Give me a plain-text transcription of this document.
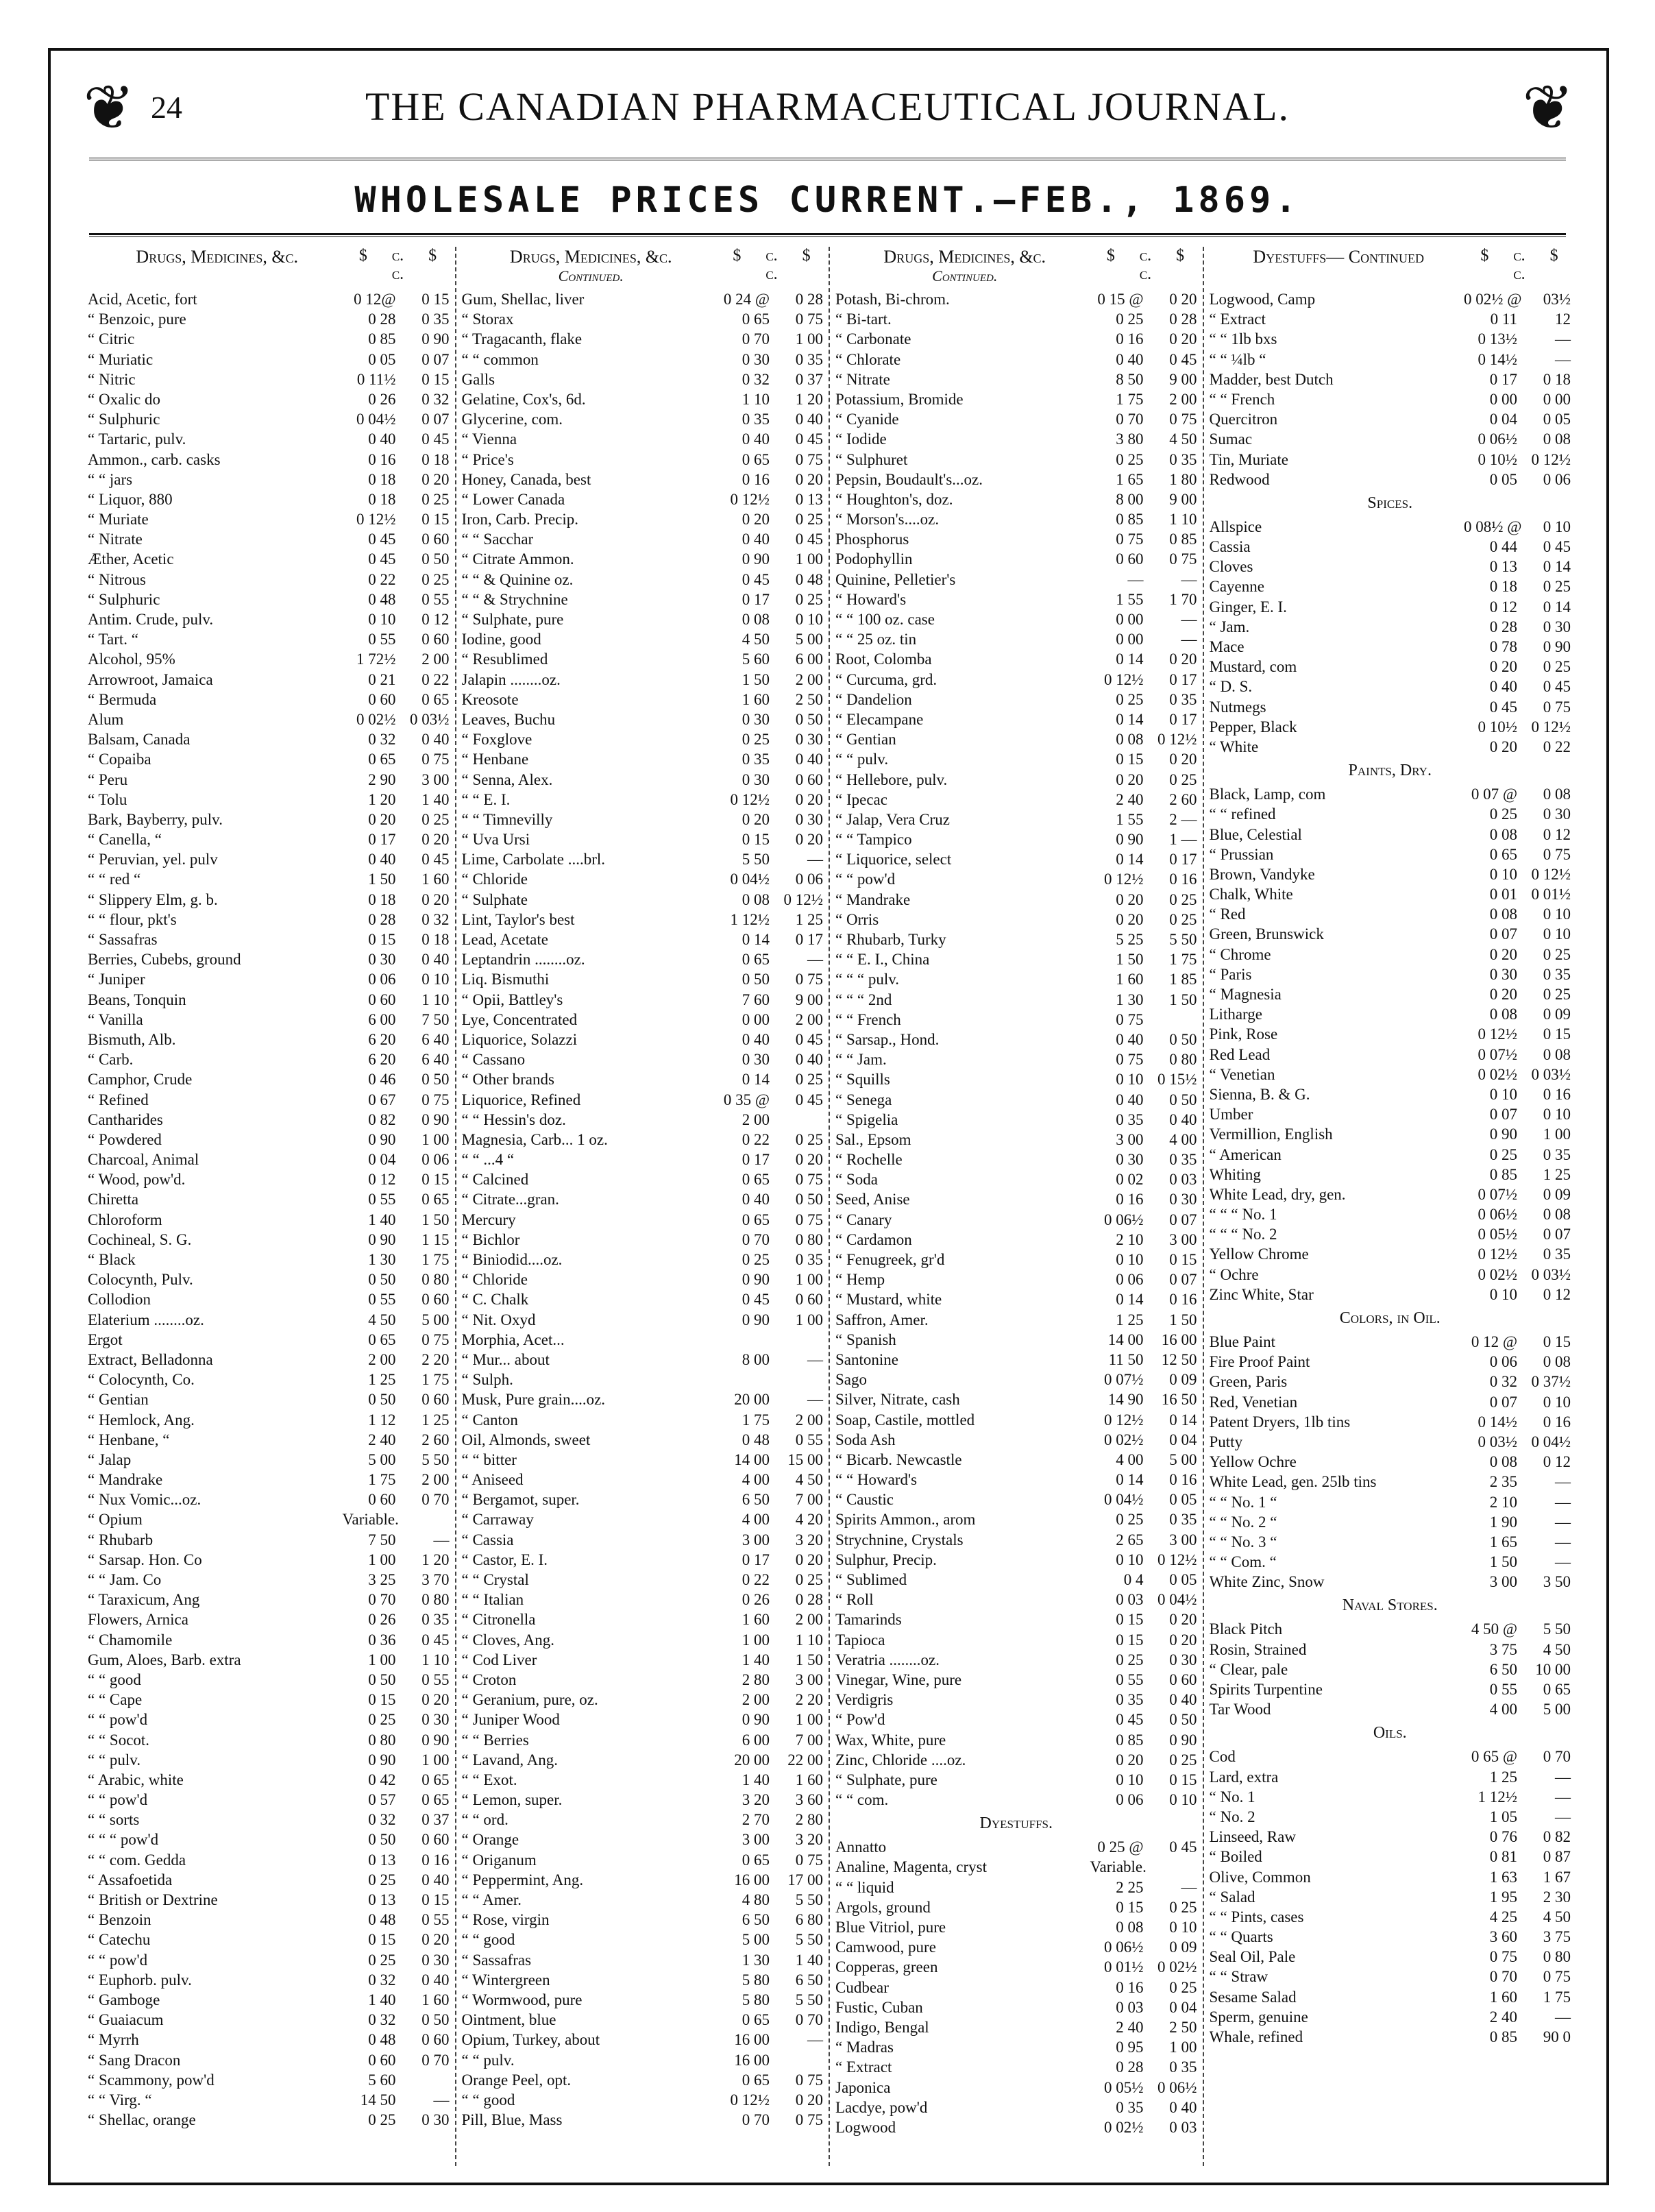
❦	❦
24	THE CANADIAN PHARMACEUTICAL JOURNAL.
WHOLESALE PRICES CURRENT.–FEB., 1869.
$ c. $ c.
Drugs, Medicines, &c.
Acid, Acetic, fort	0 12@	0 15
“ Benzoic, pure	0 28	0 35
“ Citric	0 85	0 90
“ Muriatic	0 05	0 07
“ Nitric	0 11½	0 15
“ Oxalic do	0 26	0 32
“ Sulphuric	0 04½	0 07
“ Tartaric, pulv.	0 40	0 45
Ammon., carb. casks	0 16	0 18
“ “ jars	0 18	0 20
“ Liquor, 880	0 18	0 25
“ Muriate	0 12½	0 15
“ Nitrate	0 45	0 60
Æther, Acetic	0 45	0 50
“ Nitrous	0 22	0 25
“ Sulphuric	0 48	0 55
Antim. Crude, pulv.	0 10	0 12
“ Tart. “	0 55	0 60
Alcohol, 95%	1 72½	2 00
Arrowroot, Jamaica	0 21	0 22
“ Bermuda	0 60	0 65
Alum	0 02½ 0 03½
Balsam, Canada	0 32	0 40
“ Copaiba	0 65	0 75
“ Peru	2 90	3 00
“ Tolu	1 20	1 40
Bark, Bayberry, pulv.	0 20	0 25
“ Canella, “	0 17	0 20
“ Peruvian, yel. pulv	0 40	0 45
“ “ red “	1 50	1 60
“ Slippery Elm, g. b.	0 18	0 20
“ “ flour, pkt's	0 28	0 32
“ Sassafras	0 15	0 18
Berries, Cubebs, ground	0 30	0 40
“ Juniper	0 06	0 10
Beans, Tonquin	0 60	1 10
“ Vanilla	6 00	7 50
Bismuth, Alb.	6 20	6 40
“ Carb.	6 20	6 40
Camphor, Crude	0 46	0 50
“ Refined	0 67	0 75
Cantharides	0 82	0 90
“ Powdered	0 90	1 00
Charcoal, Animal	0 04	0 06
“ Wood, pow'd.	0 12	0 15
Chiretta	0 55	0 65
Chloroform	1 40	1 50
Cochineal, S. G.	0 90	1 15
“ Black	1 30	1 75
Colocynth, Pulv.	0 50	0 80
Collodion	0 55	0 60
Elaterium ........oz.	4 50	5 00
Ergot	0 65	0 75
Extract, Belladonna	2 00	2 20
“ Colocynth, Co.	1 25	1 75
“ Gentian	0 50	0 60
“ Hemlock, Ang.	1 12	1 25
“ Henbane, “	2 40	2 60
“ Jalap	5 00	5 50
“ Mandrake	1 75	2 00
“ Nux Vomic...oz.	0 60	0 70
“ Opium	Variable.
“ Rhubarb	7 50	—
“ Sarsap. Hon. Co	1 00	1 20
“ “ Jam. Co	3 25	3 70
“ Taraxicum, Ang	0 70	0 80
Flowers, Arnica	0 26	0 35
“ Chamomile	0 36	0 45
Gum, Aloes, Barb. extra	1 00	1 10
“ “ good	0 50	0 55
“ “ Cape	0 15	0 20
“ “ pow'd	0 25	0 30
“ “ Socot.	0 80	0 90
“ “ pulv.	0 90	1 00
“ Arabic, white	0 42	0 65
“ “ pow'd	0 57	0 65
“ “ sorts	0 32	0 37
“ “ “ pow'd	0 50	0 60
“ “ com. Gedda	0 13	0 16
“ Assafoetida	0 25	0 40
“ British or Dextrine	0 13	0 15
“ Benzoin	0 48	0 55
“ Catechu	0 15	0 20
“ “ pow'd	0 25	0 30
“ Euphorb. pulv.	0 32	0 40
“ Gamboge	1 40	1 60
“ Guaiacum	0 32	0 50
“ Myrrh	0 48	0 60
“ Sang Dracon	0 60	0 70
“ Scammony, pow'd	5 60
“ “ Virg. “	14 50	—
“ Shellac, orange	0 25	0 30
$ c. $ c.
Drugs, Medicines, &c.
Continued.
Gum, Shellac, liver	0 24 @	0 28
“ Storax	0 65	0 75
“ Tragacanth, flake	0 70	1 00
“ “ common	0 30	0 35
Galls	0 32	0 37
Gelatine, Cox's, 6d.	1 10	1 20
Glycerine, com.	0 35	0 40
“ Vienna	0 40	0 45
“ Price's	0 65	0 75
Honey, Canada, best	0 16	0 20
“ Lower Canada	0 12½	0 13
Iron, Carb. Precip.	0 20	0 25
“ “ Sacchar	0 40	0 45
“ Citrate Ammon.	0 90	1 00
“ “ & Quinine oz.	0 45	0 48
“ “ & Strychnine	0 17	0 25
“ Sulphate, pure	0 08	0 10
Iodine, good	4 50	5 00
“ Resublimed	5 60	6 00
Jalapin ........oz.	1 50	2 00
Kreosote	1 60	2 50
Leaves, Buchu	0 30	0 50
“ Foxglove	0 25	0 30
“ Henbane	0 35	0 40
“ Senna, Alex.	0 30	0 60
“ “ E. I.	0 12½	0 20
“ “ Timnevilly	0 20	0 30
“ Uva Ursi	0 15	0 20
Lime, Carbolate ....brl.	5 50	—
“ Chloride	0 04½	0 06
“ Sulphate	0 08 0 12½
Lint, Taylor's best	1 12½	1 25
Lead, Acetate	0 14	0 17
Leptandrin ........oz.	0 65	—
Liq. Bismuthi	0 50	0 75
“ Opii, Battley's	7 60	9 00
Lye, Concentrated	0 00	2 00
Liquorice, Solazzi	0 40	0 45
“ Cassano	0 30	0 40
“ Other brands	0 14	0 25
Liquorice, Refined	0 35 @	0 45
“ “ Hessin's doz.	2 00
Magnesia, Carb... 1 oz.	0 22	0 25
“ “ ...4 “	0 17	0 20
“ Calcined	0 65	0 75
“ Citrate...gran.	0 40	0 50
Mercury	0 65	0 75
“ Bichlor	0 70	0 80
“ Biniodid....oz.	0 25	0 35
“ Chloride	0 90	1 00
“ C. Chalk	0 45	0 60
“ Nit. Oxyd	0 90	1 00
Morphia, Acet...
“ Mur... about	8 00	—
“ Sulph.
Musk, Pure grain....oz.	20 00	—
“ Canton	1 75	2 00
Oil, Almonds, sweet	0 48	0 55
“ “ bitter	14 00	15 00
“ Aniseed	4 00	4 50
“ Bergamot, super.	6 50	7 00
“ Carraway	4 00	4 20
“ Cassia	3 00	3 20
“ Castor, E. I.	0 17	0 20
“ “ Crystal	0 22	0 25
“ “ Italian	0 26	0 28
“ Citronella	1 60	2 00
“ Cloves, Ang.	1 00	1 10
“ Cod Liver	1 40	1 50
“ Croton	2 80	3 00
“ Geranium, pure, oz.	2 00	2 20
“ Juniper Wood	0 90	1 00
“ “ Berries	6 00	7 00
“ Lavand, Ang.	20 00	22 00
“ “ Exot.	1 40	1 60
“ Lemon, super.	3 20	3 60
“ “ ord.	2 70	2 80
“ Orange	3 00	3 20
“ Origanum	0 65	0 75
“ Peppermint, Ang.	16 00	17 00
“ “ Amer.	4 80	5 50
“ Rose, virgin	6 50	6 80
“ “ good	5 00	5 50
“ Sassafras	1 30	1 40
“ Wintergreen	5 80	6 50
“ Wormwood, pure	5 80	5 50
Ointment, blue	0 65	0 70
Opium, Turkey, about	16 00	—
“ “ pulv.	16 00
Orange Peel, opt.	0 65	0 75
“ “ good	0 12½	0 20
Pill, Blue, Mass	0 70	0 75
$ c. $ c.
Drugs, Medicines, &c.
Continued.
Potash, Bi-chrom.	0 15 @	0 20
“ Bi-tart.	0 25	0 28
“ Carbonate	0 16	0 20
“ Chlorate	0 40	0 45
“ Nitrate	8 50	9 00
Potassium, Bromide	1 75	2 00
“ Cyanide	0 70	0 75
“ Iodide	3 80	4 50
“ Sulphuret	0 25	0 35
Pepsin, Boudault's...oz.	1 65	1 80
“ Houghton's, doz.	8 00	9 00
“ Morson's....oz.	0 85	1 10
Phosphorus	0 75	0 85
Podophyllin	0 60	0 75
Quinine, Pelletier's	—	—
“ Howard's	1 55	1 70
“ “ 100 oz. case	0 00	—
“ “ 25 oz. tin	0 00	—
Root, Colomba	0 14	0 20
“ Curcuma, grd.	0 12½	0 17
“ Dandelion	0 25	0 35
“ Elecampane	0 14	0 17
“ Gentian	0 08 0 12½
“ “ pulv.	0 15	0 20
“ Hellebore, pulv.	0 20	0 25
“ Ipecac	2 40	2 60
“ Jalap, Vera Cruz	1 55	2 —
“ “ Tampico	0 90	1 —
“ Liquorice, select	0 14	0 17
“ “ pow'd	0 12½	0 16
“ Mandrake	0 20	0 25
“ Orris	0 20	0 25
“ Rhubarb, Turky	5 25	5 50
“ “ E. I., China	1 50	1 75
“ “ “ pulv.	1 60	1 85
“ “ “ 2nd	1 30	1 50
“ “ French	0 75
“ Sarsap., Hond.	0 40	0 50
“ “ Jam.	0 75	0 80
“ Squills	0 10 0 15½
“ Senega	0 40	0 50
“ Spigelia	0 35	0 40
Sal., Epsom	3 00	4 00
“ Rochelle	0 30	0 35
“ Soda	0 02	0 03
Seed, Anise	0 16	0 30
“ Canary	0 06½	0 07
“ Cardamon	2 10	3 00
“ Fenugreek, gr'd	0 10	0 15
“ Hemp	0 06	0 07
“ Mustard, white	0 14	0 16
Saffron, Amer.	1 25	1 50
“ Spanish	14 00	16 00
Santonine	11 50	12 50
Sago	0 07½	0 09
Silver, Nitrate, cash	14 90	16 50
Soap, Castile, mottled	0 12½	0 14
Soda Ash	0 02½	0 04
“ Bicarb. Newcastle	4 00	5 00
“ “ Howard's	0 14	0 16
“ Caustic	0 04½	0 05
Spirits Ammon., arom	0 25	0 35
Strychnine, Crystals	2 65	3 00
Sulphur, Precip.	0 10 0 12½
“ Sublimed	0 4	0 05
“ Roll	0 03 0 04½
Tamarinds	0 15	0 20
Tapioca	0 15	0 20
Veratria ........oz.	0 25	0 30
Vinegar, Wine, pure	0 55	0 60
Verdigris	0 35	0 40
“ Pow'd	0 45	0 50
Wax, White, pure	0 85	0 90
Zinc, Chloride ....oz.	0 20	0 25
“ Sulphate, pure	0 10	0 15
“ “ com.	0 06	0 10
Dyestuffs.
Annatto	0 25 @	0 45
Analine, Magenta, cryst	Variable.
“ “ liquid	2 25	—
Argols, ground	0 15	0 25
Blue Vitriol, pure	0 08	0 10
Camwood, pure	0 06½	0 09
Copperas, green	0 01½ 0 02½
Cudbear	0 16	0 25
Fustic, Cuban	0 03	0 04
Indigo, Bengal	2 40	2 50
“ Madras	0 95	1 00
“ Extract	0 28	0 35
Japonica	0 05½ 0 06½
Lacdye, pow'd	0 35	0 40
Logwood	0 02½	0 03
$ c. $ c.
Dyestuffs— Continued
Logwood, Camp	0 02½ @	03½
“ Extract	0 11	12
“ “ 1lb bxs	0 13½	—
“ “ ¼lb “	0 14½	—
Madder, best Dutch	0 17	0 18
“ “ French	0 00	0 00
Quercitron	0 04	0 05
Sumac	0 06½	0 08
Tin, Muriate	0 10½ 0 12½
Redwood	0 05	0 06
Spices.
Allspice	0 08½ @	0 10
Cassia	0 44	0 45
Cloves	0 13	0 14
Cayenne	0 18	0 25
Ginger, E. I.	0 12	0 14
“ Jam.	0 28	0 30
Mace	0 78	0 90
Mustard, com	0 20	0 25
“ D. S.	0 40	0 45
Nutmegs	0 45	0 75
Pepper, Black	0 10½ 0 12½
“ White	0 20	0 22
Paints, Dry.
Black, Lamp, com	0 07 @	0 08
“ “ refined	0 25	0 30
Blue, Celestial	0 08	0 12
“ Prussian	0 65	0 75
Brown, Vandyke	0 10 0 12½
Chalk, White	0 01 0 01½
“ Red	0 08	0 10
Green, Brunswick	0 07	0 10
“ Chrome	0 20	0 25
“ Paris	0 30	0 35
“ Magnesia	0 20	0 25
Litharge	0 08	0 09
Pink, Rose	0 12½	0 15
Red Lead	0 07½	0 08
“ Venetian	0 02½ 0 03½
Sienna, B. & G.	0 10	0 16
Umber	0 07	0 10
Vermillion, English	0 90	1 00
“ American	0 25	0 35
Whiting	0 85	1 25
White Lead, dry, gen.	0 07½	0 09
“ “ “ No. 1	0 06½	0 08
“ “ “ No. 2	0 05½	0 07
Yellow Chrome	0 12½	0 35
“ Ochre	0 02½ 0 03½
Zinc White, Star	0 10	0 12
Colors, in Oil.
Blue Paint	0 12 @	0 15
Fire Proof Paint	0 06	0 08
Green, Paris	0 32 0 37½
Red, Venetian	0 07	0 10
Patent Dryers, 1lb tins	0 14½	0 16
Putty	0 03½ 0 04½
Yellow Ochre	0 08	0 12
White Lead, gen. 25lb tins	2 35	—
“ “ No. 1 “	2 10	—
“ “ No. 2 “	1 90	—
“ “ No. 3 “	1 65	—
“ “ Com. “	1 50	—
White Zinc, Snow	3 00	3 50
Naval Stores.
Black Pitch	4 50 @	5 50
Rosin, Strained	3 75	4 50
“ Clear, pale	6 50	10 00
Spirits Turpentine	0 55	0 65
Tar Wood	4 00	5 00
Oils.
Cod	0 65 @	0 70
Lard, extra	1 25	—
“ No. 1	1 12½	—
“ No. 2	1 05	—
Linseed, Raw	0 76	0 82
“ Boiled	0 81	0 87
Olive, Common	1 63	1 67
“ Salad	1 95	2 30
“ “ Pints, cases	4 25	4 50
“ “ Quarts	3 60	3 75
Seal Oil, Pale	0 75	0 80
“ “ Straw	0 70	0 75
Sesame Salad	1 60	1 75
Sperm, genuine	2 40	—
Whale, refined	0 85	90 0
